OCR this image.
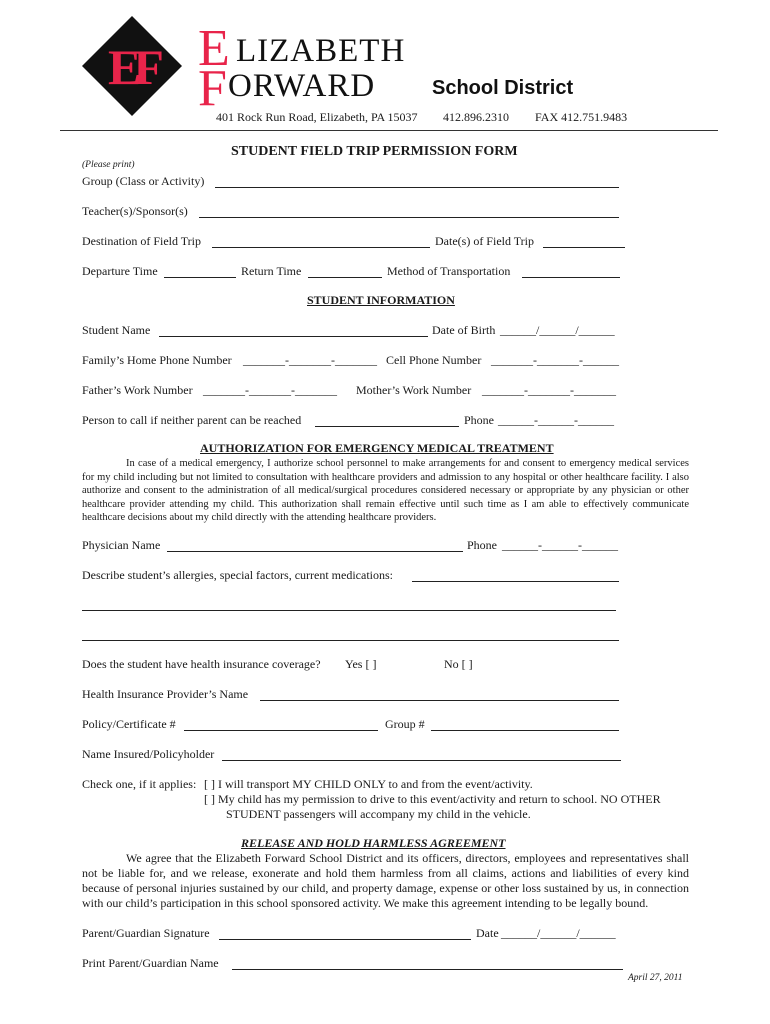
EF E LIZABETH
F ORWARD	School District
401 Rock Run Road, Elizabeth, PA 15037 412.896.2310 FAX 412.751.9483
STUDENT FIELD TRIP PERMISSION FORM
(Please print)
Group (Class or Activity)
Teacher(s)/Sponsor(s)
Destination of Field Trip	Date(s) of Field Trip
Departure Time	Return Time	Method of Transportation
STUDENT INFORMATION
Student Name	Date of Birth ______/______/______
Family’s Home Phone Number _______-_______-_______ Cell Phone Number _______-_______-______
Father’s Work Number _______-_______-_______ Mother’s Work Number _______-_______-_______
Person to call if neither parent can be reached	Phone ______-______-______
AUTHORIZATION FOR EMERGENCY MEDICAL TREATMENT
In case of a medical emergency, I authorize school personnel to make arrangements for and consent to emergency medical services for my child including but not limited to consultation with healthcare providers and admission to any hospital or other healthcare facility. I also authorize and consent to the administration of all medical/surgical procedures considered necessary or appropriate by any physician or other healthcare provider attending my child. This authorization shall remain effective until such time as I am able to effectively communicate healthcare decisions about my child directly with the attending healthcare providers.
Physician Name	Phone ______-______-______
Describe student’s allergies, special factors, current medications:
Does the student have health insurance coverage? Yes [ ]	No [ ]
Health Insurance Provider’s Name
Policy/Certificate #	Group #
Name Insured/Policyholder
Check one, if it applies: [ ] I will transport MY CHILD ONLY to and from the event/activity.
[ ] My child has my permission to drive to this event/activity and return to school. NO OTHER
STUDENT passengers will accompany my child in the vehicle.
RELEASE AND HOLD HARMLESS AGREEMENT
We agree that the Elizabeth Forward School District and its officers, directors, employees and representatives shall not be liable for, and we release, exonerate and hold them harmless from all claims, actions and liabilities of every kind because of personal injuries sustained by our child, and property damage, expense or other loss sustained by us, in connection with our child’s participation in this school sponsored activity. We make this agreement intending to be legally bound.
Parent/Guardian Signature	Date ______/______/______
Print Parent/Guardian Name
April 27, 2011
